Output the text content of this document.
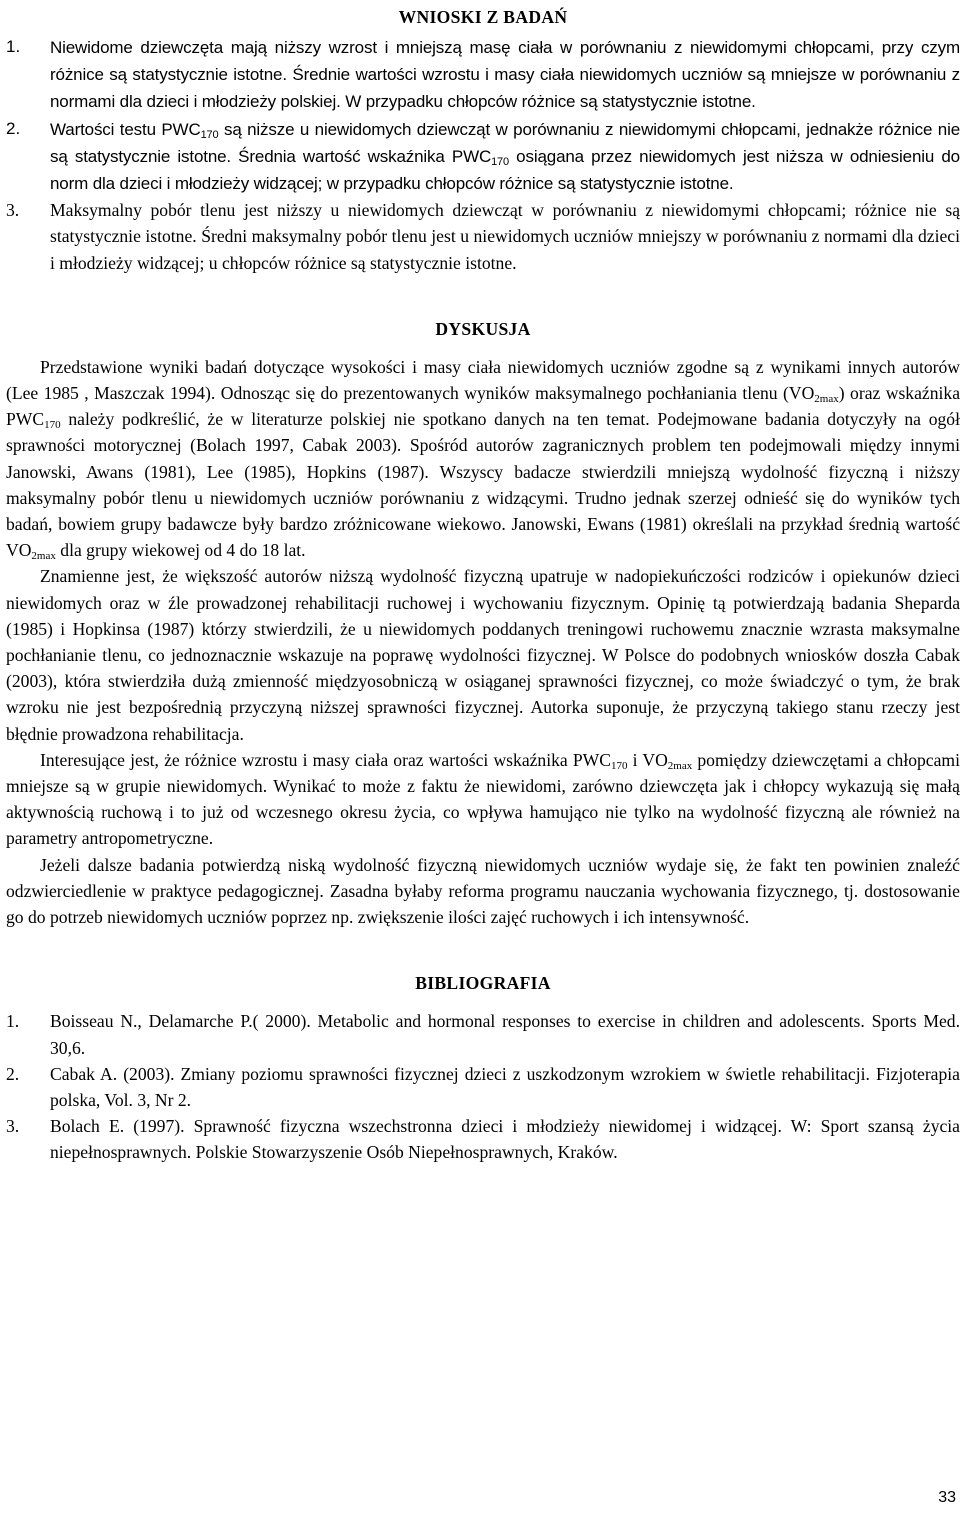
WNIOSKI Z BADAŃ
1. Niewidome dziewczęta mają niższy wzrost i mniejszą masę ciała w porównaniu z niewidomymi chłopcami, przy czym różnice są statystycznie istotne. Średnie wartości wzrostu i masy ciała niewidomych uczniów są mniejsze w porównaniu z normami dla dzieci i młodzieży polskiej. W przypadku chłopców różnice są statystycznie istotne.
2. Wartości testu $PWC_{170}$ są niższe u niewidomych dziewcząt w porównaniu z niewidomymi chłopcami, jednakże różnice nie są statystycznie istotne. Średnia wartość wskaźnika $PWC_{170}$ osiągana przez niewidomych jest niższa w odniesieniu do norm dla dzieci i młodzieży widzącej; w przypadku chłopców różnice są statystycznie istotne.
3. Maksymalny pobór tlenu jest niższy u niewidomych dziewcząt w porównaniu z niewidomymi chłopcami; różnice nie są statystycznie istotne. Średni maksymalny pobór tlenu jest u niewidomych uczniów mniejszy w porównaniu z normami dla dzieci i młodzieży widzącej; u chłopców różnice są statystycznie istotne.
DYSKUSJA

Przedstawione wyniki badań dotyczące wysokości i masy ciała niewidomych uczniów zgodne są z wynikami innych autorów (Lee 1985 , Maszczak 1994). Odnosząc się do prezentowanych wyników maksymalnego pochłaniania tlenu $(VO_{2max})$ oraz wskaźnika $PWC_{170}$ należy podkreślić, że w literaturze polskiej nie spotkano danych na ten temat. Podejmowane badania dotyczyły na ogół sprawności motorycznej (Bolach 1997, Cabak 2003). Spośród autorów zagranicznych problem ten podejmowali między innymi Janowski, Awans (1981), Lee (1985), Hopkins (1987). Wszyscy badacze stwierdzili mniejszą wydolność fizyczną i niższy maksymalny pobór tlenu u niewidomych uczniów porównaniu z widzącymi. Trudno jednak szerzej odnieść się do wyników tych badań, bowiem grupy badawcze były bardzo zróżnicowane wiekowo. Janowski, Ewans (1981) określali na przykład średnią wartość $VO_{2max}$ dla grupy wiekowej od 4 do 18 lat.

Znamienne jest, że większość autorów niższą wydolność fizyczną upatruje w nadopiekuńczości rodziców i opiekunów dzieci niewidomych oraz w źle prowadzonej rehabilitacji ruchowej i wychowaniu fizycznym. Opinię tą potwierdzają badania Sheparda (1985) i Hopkinsa (1987) którzy stwierdzili, że u niewidomych poddanych treningowi ruchowemu znacznie wzrasta maksymalne pochłanianie tlenu, co jednoznacznie wskazuje na poprawę wydolności fizycznej. W Polsce do podobnych wniosków doszła Cabak (2003), która stwierdziła dużą zmienność międzyosobniczą w osiąganej sprawności fizycznej, co może świadczyć o tym, że brak wzroku nie jest bezpośrednią przyczyną niższej sprawności fizycznej. Autorka suponuje, że przyczyną takiego stanu rzeczy jest błędnie prowadzona rehabilitacja.

Interesujące jest, że różnice wzrostu i masy ciała oraz wartości wskaźnika $PWC_{170}$ i $VO_{2max}$ pomiędzy dziewczętami a chłopcami mniejsze są w grupie niewidomych. Wynikać to może z faktu że niewidomi, zarówno dziewczęta jak i chłopcy wykazują się małą aktywnością ruchową i to już od wczesnego okresu życia, co wpływa hamująco nie tylko na wydolność fizyczną ale również na parametry antropometryczne.

Jeżeli dalsze badania potwierdzą niską wydolność fizyczną niewidomych uczniów wydaje się, że fakt ten powinien znaleźć odzwierciedlenie w praktyce pedagogicznej. Zasadna byłaby reforma programu nauczania wychowania fizycznego, tj. dostosowanie go do potrzeb niewidomych uczniów poprzez np. zwiększenie ilości zajęć ruchowych i ich intensywność.

BIBLIOGRAFIA
1. Boisseau N., Delamarche P.( 2000). Metabolic and hormonal responses to exercise in children and adolescents. Sports Med. 30,6.
2. Cabak A. (2003). Zmiany poziomu sprawności fizycznej dzieci z uszkodzonym wzrokiem w świetle rehabilitacji. Fizjoterapia polska, Vol. 3, Nr 2.
3. Bolach E. (1997). Sprawność fizyczna wszechstronna dzieci i młodzieży niewidomej i widzącej. W: Sport szansą życia niepełnosprawnych. Polskie Stowarzyszenie Osób Niepełnosprawnych, Kraków.
33
